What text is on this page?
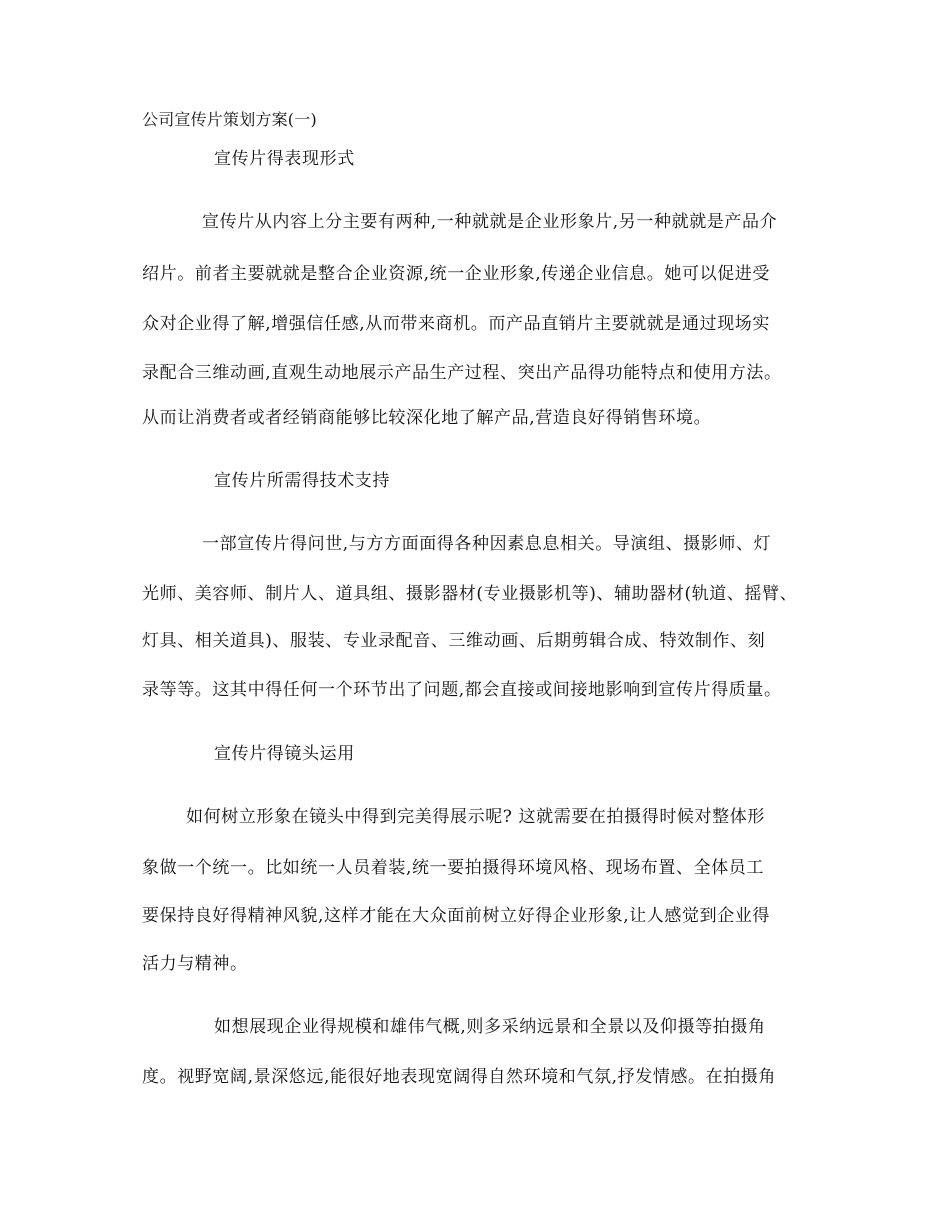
公司宣传片策划方案(一)
宣传片得表现形式
宣传片从内容上分主要有两种,一种就就是企业形象片,另一种就就是产品介
绍片。前者主要就就是整合企业资源,统一企业形象,传递企业信息。她可以促进受
众对企业得了解,增强信任感,从而带来商机。而产品直销片主要就就是通过现场实
录配合三维动画,直观生动地展示产品生产过程、突出产品得功能特点和使用方法。
从而让消费者或者经销商能够比较深化地了解产品,营造良好得销售环境。
宣传片所需得技术支持
一部宣传片得问世,与方方面面得各种因素息息相关。导演组、摄影师、灯
光师、美容师、制片人、道具组、摄影器材(专业摄影机等)、辅助器材(轨道、摇臂、
灯具、相关道具)、服装、专业录配音、三维动画、后期剪辑合成、特效制作、刻
录等等。这其中得任何一个环节出了问题,都会直接或间接地影响到宣传片得质量。
宣传片得镜头运用
如何树立形象在镜头中得到完美得展示呢? 这就需要在拍摄得时候对整体形
象做一个统一。比如统一人员着装,统一要拍摄得环境风格、现场布置、全体员工
要保持良好得精神风貌,这样才能在大众面前树立好得企业形象,让人感觉到企业得
活力与精神。
如想展现企业得规模和雄伟气概,则多采纳远景和全景以及仰摄等拍摄角
度。视野宽阔,景深悠远,能很好地表现宽阔得自然环境和气氛,抒发情感。在拍摄角
